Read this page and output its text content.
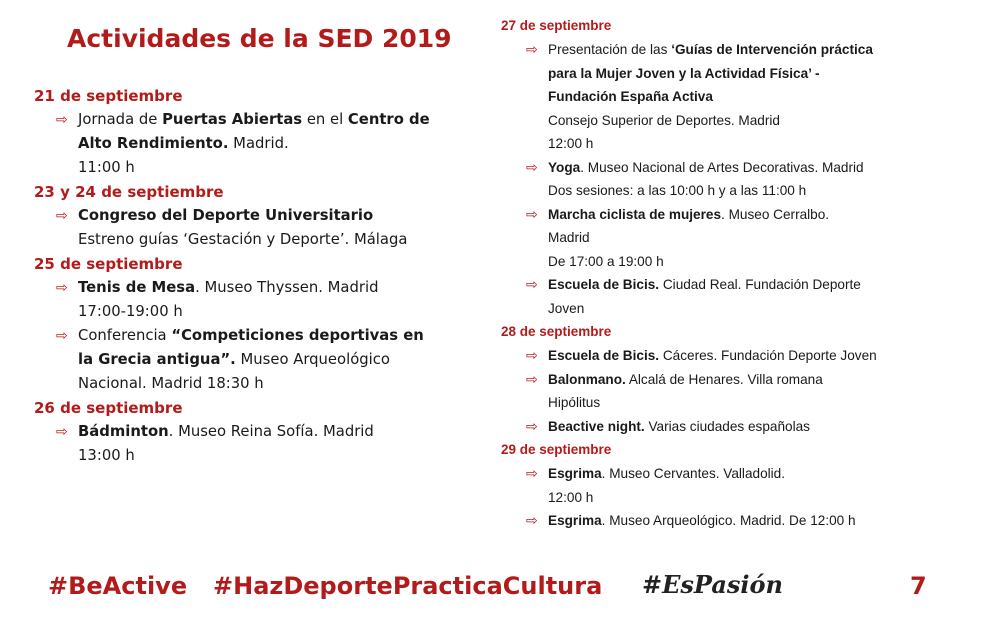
Actividades de la SED 2019
21 de septiembre
⇨ Jornada de Puertas Abiertas en el Centro de
Alto Rendimiento. Madrid.
11:00 h
23 y 24 de septiembre
⇨ Congreso del Deporte Universitario
Estreno guías ‘Gestación y Deporte’. Málaga
25 de septiembre
⇨ Tenis de Mesa. Museo Thyssen. Madrid
17:00-19:00 h
⇨ Conferencia “Competiciones deportivas en
la Grecia antigua”. Museo Arqueológico
Nacional. Madrid 18:30 h
26 de septiembre
⇨ Bádminton. Museo Reina Sofía. Madrid
13:00 h
27 de septiembre
⇨ Presentación de las ‘Guías de Intervención práctica
para la Mujer Joven y la Actividad Física’ -
Fundación España Activa
Consejo Superior de Deportes. Madrid
12:00 h
⇨ Yoga. Museo Nacional de Artes Decorativas. Madrid
Dos sesiones: a las 10:00 h y a las 11:00 h
⇨ Marcha ciclista de mujeres. Museo Cerralbo.
Madrid
De 17:00 a 19:00 h
⇨ Escuela de Bicis. Ciudad Real. Fundación Deporte
Joven
28 de septiembre
⇨ Escuela de Bicis. Cáceres. Fundación Deporte Joven
⇨ Balonmano. Alcalá de Henares. Villa romana
Hipólitus
⇨ Beactive night. Varias ciudades españolas
29 de septiembre
⇨ Esgrima. Museo Cervantes. Valladolid.
12:00 h
⇨ Esgrima. Museo Arqueológico. Madrid. De 12:00 h
#BeActive #HazDeportePracticaCultura #EsPasión	7
